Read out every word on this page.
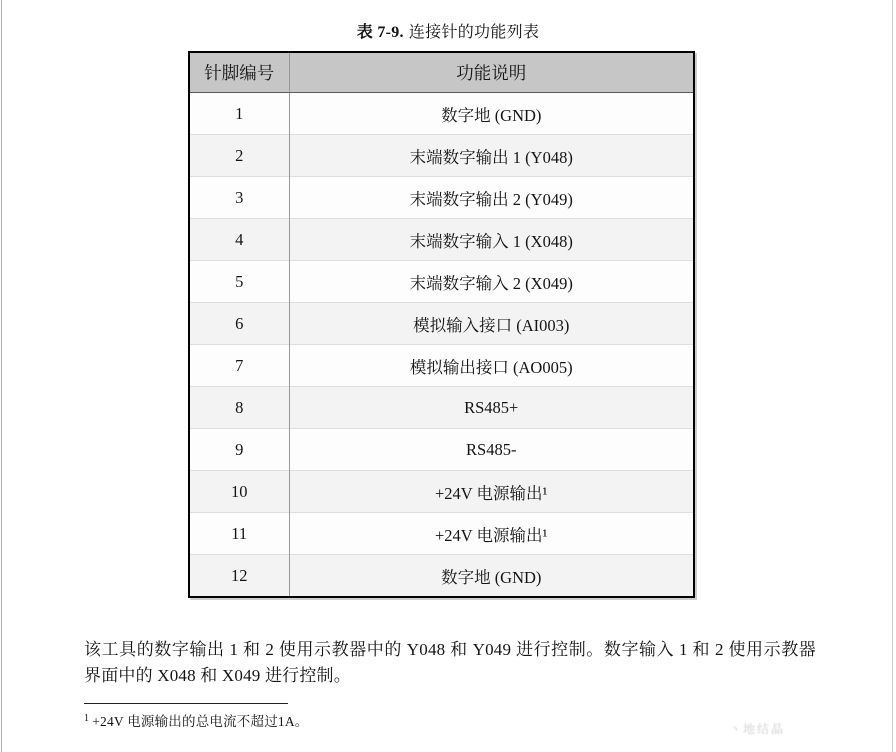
表 7-9. 连接针的功能列表
针脚编号	功能说明
1	数字地 (GND)
2	末端数字输出 1 (Y048)
3	末端数字输出 2 (Y049)
4	末端数字输入 1 (X048)
5	末端数字输入 2 (X049)
6	模拟输入接口 (AI003)
7	模拟输出接口 (AO005)
8	RS485+
9	RS485-
10	+24V 电源输出¹
11	+24V 电源输出¹
12	数字地 (GND)

该工具的数字输出 1 和 2 使用示教器中的 Y048 和 Y049 进行控制。数字输入 1 和 2 使用示教器界面中的 X048 和 X049 进行控制。

$^1$ +24V 电源输出的总电流不超过1A。	丶地结晶
